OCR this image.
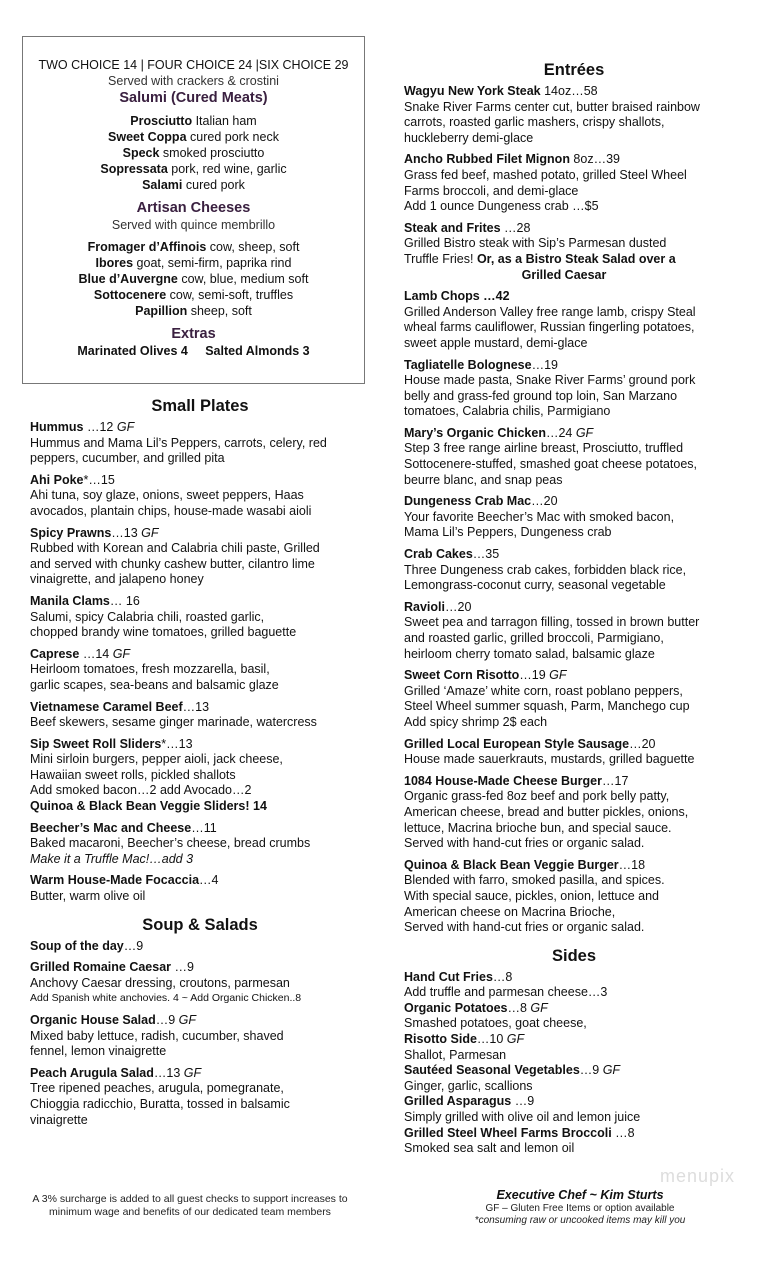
TWO CHOICE 14 | FOUR CHOICE 24 |SIX CHOICE 29
Served with crackers & crostini
Salumi (Cured Meats)
Prosciutto Italian ham
Sweet Coppa cured pork neck
Speck smoked prosciutto
Sopressata pork, red wine, garlic
Salami cured pork
Artisan Cheeses
Served with quince membrillo
Fromager d’Affinois cow, sheep, soft
Ibores goat, semi-firm, paprika rind
Blue d’Auvergne cow, blue, medium soft
Sottocenere cow, semi-soft, truffles
Papillion sheep, soft
Extras
Marinated Olives 4     Salted Almonds 3
Small Plates
Hummus …12 GF
Hummus and Mama Lil’s Peppers, carrots, celery, red
peppers, cucumber, and grilled pita
Ahi Poke*…15
Ahi tuna, soy glaze, onions, sweet peppers, Haas
avocados, plantain chips, house-made wasabi aioli
Spicy Prawns…13 GF
Rubbed with Korean and Calabria chili paste, Grilled
and served with chunky cashew butter, cilantro lime
vinaigrette, and jalapeno honey
Manila Clams… 16
Salumi, spicy Calabria chili, roasted garlic,
chopped brandy wine tomatoes, grilled baguette
Caprese …14 GF
Heirloom tomatoes, fresh mozzarella, basil,
garlic scapes, sea-beans and balsamic glaze
Vietnamese Caramel Beef…13
Beef skewers, sesame ginger marinade, watercress
Sip Sweet Roll Sliders*…13
Mini sirloin burgers, pepper aioli, jack cheese,
Hawaiian sweet rolls, pickled shallots
Add smoked bacon…2 add Avocado…2
Quinoa & Black Bean Veggie Sliders! 14
Beecher’s Mac and Cheese…11
Baked macaroni, Beecher’s cheese, bread crumbs
Make it a Truffle Mac!…add 3
Warm House-Made Focaccia…4
Butter, warm olive oil
Soup & Salads
Soup of the day…9
Grilled Romaine Caesar …9
Anchovy Caesar dressing, croutons, parmesan
Add Spanish white anchovies. 4 ~ Add Organic Chicken..8
Organic House Salad…9 GF
Mixed baby lettuce, radish, cucumber, shaved
fennel, lemon vinaigrette
Peach Arugula Salad…13 GF
Tree ripened peaches, arugula, pomegranate,
Chioggia radicchio, Buratta, tossed in balsamic
vinaigrette
Entrées
Wagyu New York Steak 14oz…58
Snake River Farms center cut, butter braised rainbow
carrots, roasted garlic mashers, crispy shallots,
huckleberry demi-glace
Ancho Rubbed Filet Mignon 8oz…39
Grass fed beef, mashed potato, grilled Steel Wheel
Farms broccoli, and demi-glace
Add 1 ounce Dungeness crab …$5
Steak and Frites …28
Grilled Bistro steak with Sip’s Parmesan dusted
Truffle Fries! Or, as a Bistro Steak Salad over a
Grilled Caesar
Lamb Chops …42
Grilled Anderson Valley free range lamb, crispy Steal
wheal farms cauliflower, Russian fingerling potatoes,
sweet apple mustard, demi-glace
Tagliatelle Bolognese…19
House made pasta, Snake River Farms’ ground pork
belly and grass-fed ground top loin, San Marzano
tomatoes, Calabria chilis, Parmigiano
Mary’s Organic Chicken…24 GF
Step 3 free range airline breast, Prosciutto, truffled
Sottocenere-stuffed, smashed goat cheese potatoes,
beurre blanc, and snap peas
Dungeness Crab Mac…20
Your favorite Beecher’s Mac with smoked bacon,
Mama Lil’s Peppers, Dungeness crab
Crab Cakes…35
Three Dungeness crab cakes, forbidden black rice,
Lemongrass-coconut curry, seasonal vegetable
Ravioli…20
Sweet pea and tarragon filling, tossed in brown butter
and roasted garlic, grilled broccoli, Parmigiano,
heirloom cherry tomato salad, balsamic glaze
Sweet Corn Risotto…19 GF
Grilled ‘Amaze’ white corn, roast poblano peppers,
Steel Wheel summer squash, Parm, Manchego cup
Add spicy shrimp 2$ each
Grilled Local European Style Sausage…20
House made sauerkrauts, mustards, grilled baguette
1084 House-Made Cheese Burger…17
Organic grass-fed 8oz beef and pork belly patty,
American cheese, bread and butter pickles, onions,
lettuce, Macrina brioche bun, and special sauce.
Served with hand-cut fries or organic salad.
Quinoa & Black Bean Veggie Burger…18
Blended with farro, smoked pasilla, and spices.
With special sauce, pickles, onion, lettuce and
American cheese on Macrina Brioche,
Served with hand-cut fries or organic salad.
Sides
Hand Cut Fries…8
Add truffle and parmesan cheese…3
Organic Potatoes…8 GF
Smashed potatoes, goat cheese,
Risotto Side…10 GF
Shallot, Parmesan
Sautéed Seasonal Vegetables…9 GF
Ginger, garlic, scallions
Grilled Asparagus …9
Simply grilled with olive oil and lemon juice
Grilled Steel Wheel Farms Broccoli …8
Smoked sea salt and lemon oil
A 3% surcharge is added to all guest checks to support increases to
minimum wage and benefits of our dedicated team members
menupix
Executive Chef ~ Kim Sturts
GF – Gluten Free Items or option available
*consuming raw or uncooked items may kill you
